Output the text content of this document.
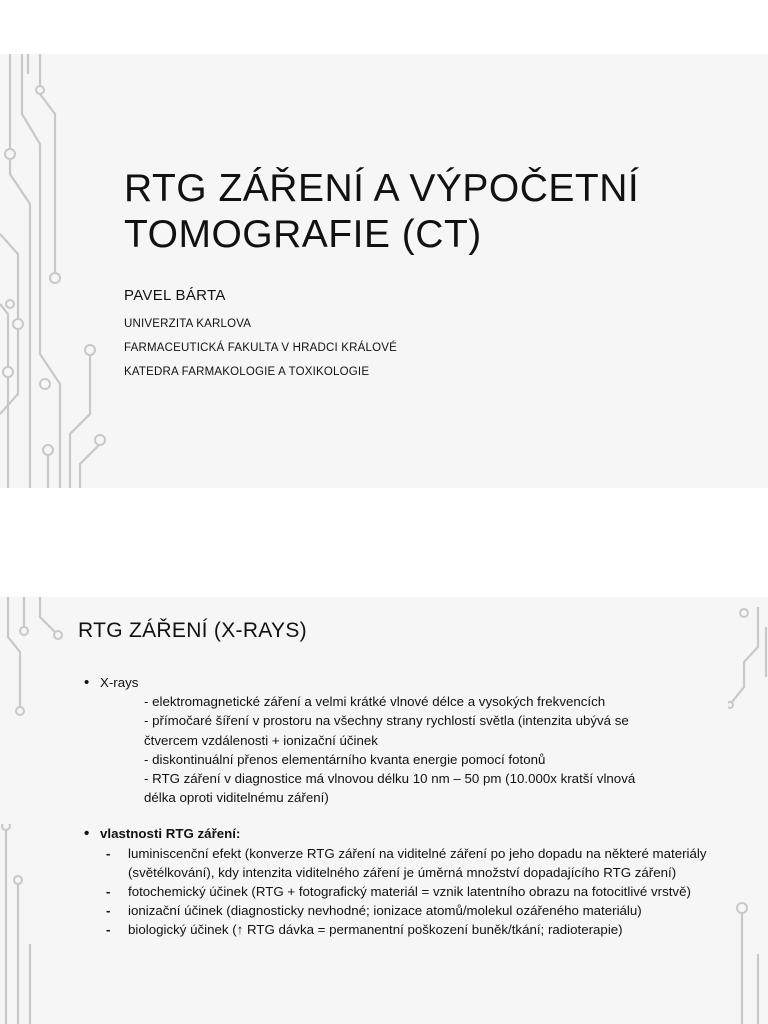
RTG ZÁŘENÍ A VÝPOČETNÍ
TOMOGRAFIE (CT)
PAVEL BÁRTA
UNIVERZITA KARLOVA
FARMACEUTICKÁ FAKULTA V HRADCI KRÁLOVÉ
KATEDRA FARMAKOLOGIE A TOXIKOLOGIE
RTG ZÁŘENÍ (X-RAYS)
• X-rays
- elektromagnetické záření a velmi krátké vlnové délce a vysokých frekvencích
- přímočaré šíření v prostoru na všechny strany rychlostí světla (intenzita ubývá se
čtvercem vzdálenosti + ionizační účinek
- diskontinuální přenos elementárního kvanta energie pomocí fotonů
- RTG záření v diagnostice má vlnovou délku 10 nm – 50 pm (10.000x kratší vlnová
délka oproti viditelnému záření)
• vlastnosti RTG záření:
- luminiscenční efekt (konverze RTG záření na viditelné záření po jeho dopadu na některé materiály (světélkování), kdy intenzita viditelného záření je úměrná množství dopadajícího RTG záření)
- fotochemický účinek (RTG + fotografický materiál = vznik latentního obrazu na fotocitlivé vrstvě)
- ionizační účinek (diagnosticky nevhodné; ionizace atomů/molekul ozářeného materiálu)
- biologický účinek (↑ RTG dávka = permanentní poškození buněk/tkání; radioterapie)
